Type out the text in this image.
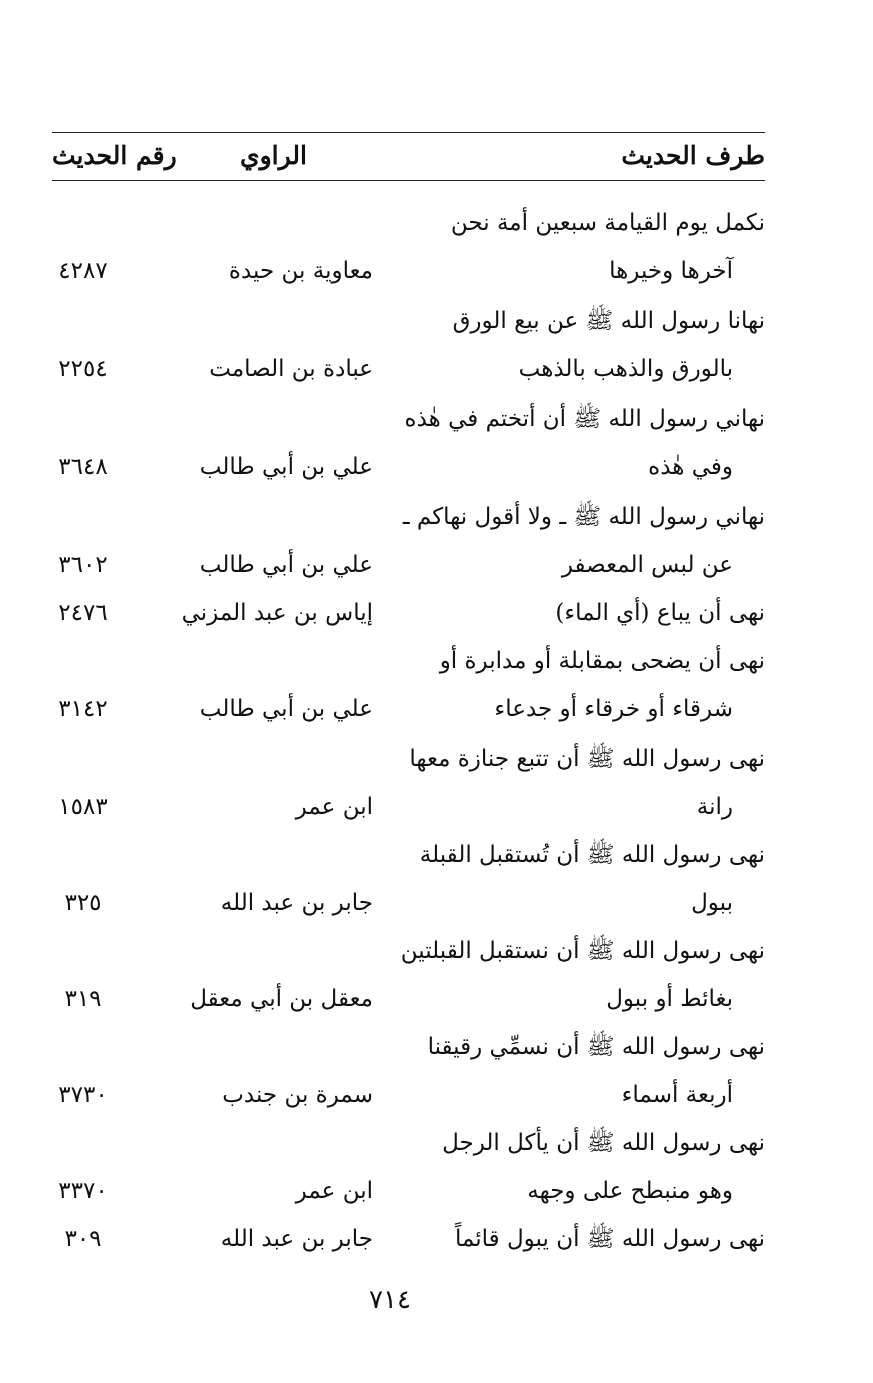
طرف الحديث
الراوي
رقم الحديث
نكمل يوم القيامة سبعين أمة نحن
آخرها وخيرها
معاوية بن حيدة
٤٢٨٧
نهانا رسول الله ﷺ عن بيع الورق
بالورق والذهب بالذهب
عبادة بن الصامت
٢٢٥٤
نهاني رسول الله ﷺ أن أتختم في هٰذه
وفي هٰذه
علي بن أبي طالب
٣٦٤٨
نهاني رسول الله ﷺ ـ ولا أقول نهاكم ـ
عن لبس المعصفر
علي بن أبي طالب
٣٦٠٢
نهى أن يباع (أي الماء)
إياس بن عبد المزني
٢٤٧٦
نهى أن يضحى بمقابلة أو مدابرة أو
شرقاء أو خرقاء أو جدعاء
علي بن أبي طالب
٣١٤٢
نهى رسول الله ﷺ أن تتبع جنازة معها
رانة
ابن عمر
١٥٨٣
نهى رسول الله ﷺ أن تُستقبل القبلة
ببول
جابر بن عبد الله
٣٢٥
نهى رسول الله ﷺ أن نستقبل القبلتين
بغائط أو ببول
معقل بن أبي معقل
٣١٩
نهى رسول الله ﷺ أن نسمِّي رقيقنا
أربعة أسماء
سمرة بن جندب
٣٧٣٠
نهى رسول الله ﷺ أن يأكل الرجل
وهو منبطح على وجهه
ابن عمر
٣٣٧٠
نهى رسول الله ﷺ أن يبول قائماً
جابر بن عبد الله
٣٠٩
٧١٤
